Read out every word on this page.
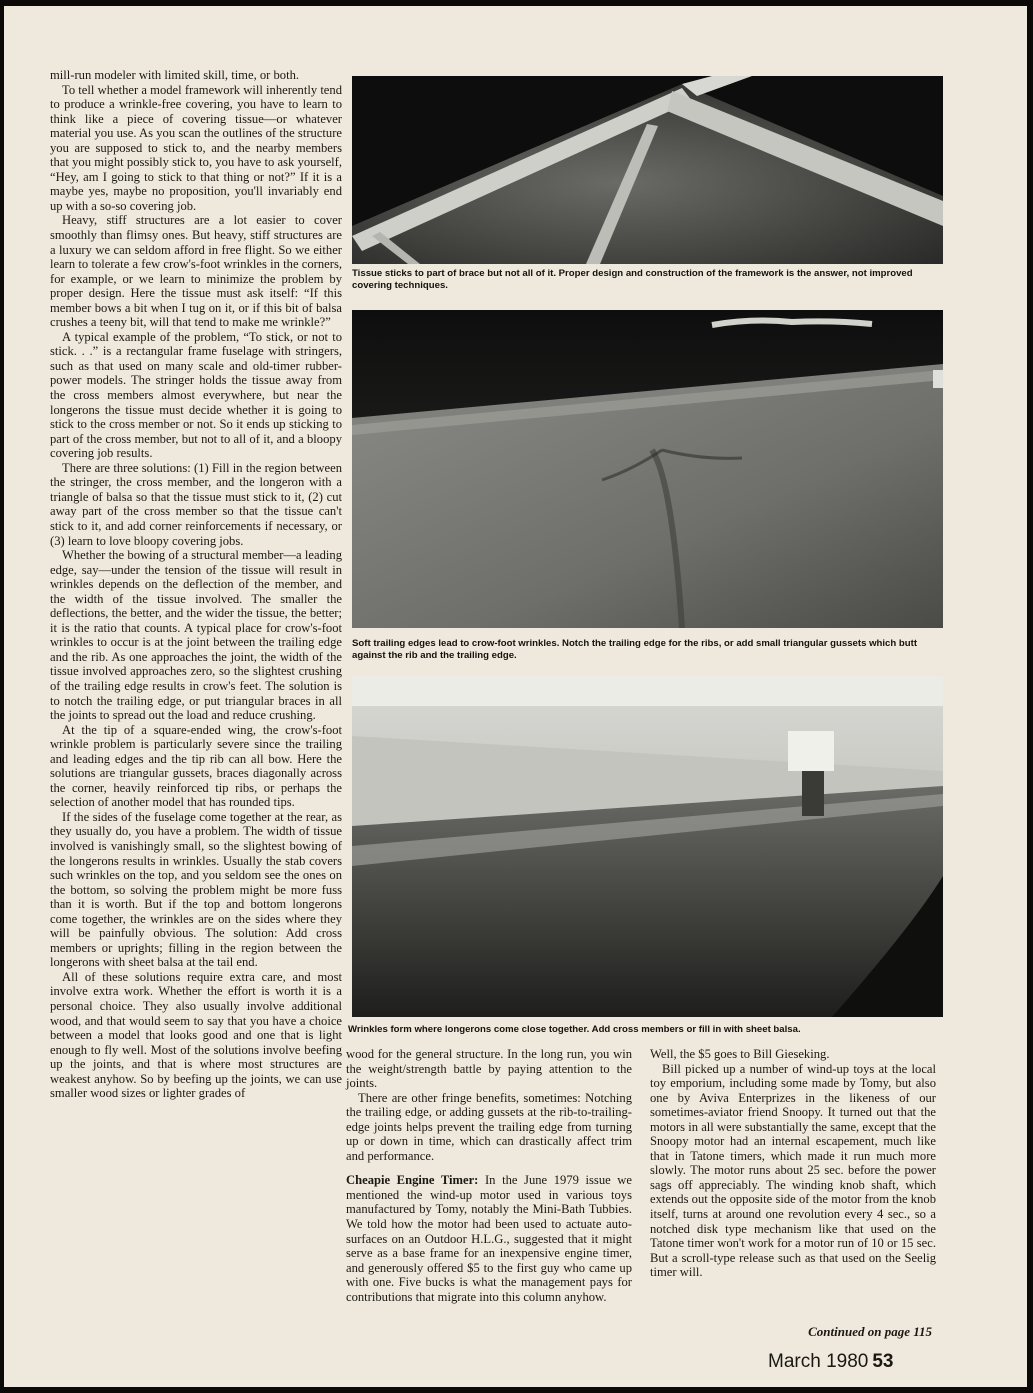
mill-run modeler with limited skill, time, or both.

To tell whether a model framework will inherently tend to produce a wrinkle-free covering, you have to learn to think like a piece of covering tissue—or whatever material you use. As you scan the outlines of the structure you are supposed to stick to, and the nearby members that you might possibly stick to, you have to ask yourself, “Hey, am I going to stick to that thing or not?” If it is a maybe yes, maybe no proposition, you'll invariably end up with a so-so covering job.

Heavy, stiff structures are a lot easier to cover smoothly than flimsy ones. But heavy, stiff structures are a luxury we can seldom afford in free flight. So we either learn to tolerate a few crow's-foot wrinkles in the corners, for example, or we learn to minimize the problem by proper design. Here the tissue must ask itself: “If this member bows a bit when I tug on it, or if this bit of balsa crushes a teeny bit, will that tend to make me wrinkle?”

A typical example of the problem, “To stick, or not to stick. . .” is a rectangular frame fuselage with stringers, such as that used on many scale and old-timer rubber-power models. The stringer holds the tissue away from the cross members almost everywhere, but near the longerons the tissue must decide whether it is going to stick to the cross member or not. So it ends up sticking to part of the cross member, but not to all of it, and a bloopy covering job results.

There are three solutions: (1) Fill in the region between the stringer, the cross member, and the longeron with a triangle of balsa so that the tissue must stick to it, (2) cut away part of the cross member so that the tissue can't stick to it, and add corner reinforcements if necessary, or (3) learn to love bloopy covering jobs.

Whether the bowing of a structural member—a leading edge, say—under the tension of the tissue will result in wrinkles depends on the deflection of the member, and the width of the tissue involved. The smaller the deflections, the better, and the wider the tissue, the better; it is the ratio that counts. A typical place for crow's-foot wrinkles to occur is at the joint between the trailing edge and the rib. As one approaches the joint, the width of the tissue involved approaches zero, so the slightest crushing of the trailing edge results in crow's feet. The solution is to notch the trailing edge, or put triangular braces in all the joints to spread out the load and reduce crushing.

At the tip of a square-ended wing, the crow's-foot wrinkle problem is particularly severe since the trailing and leading edges and the tip rib can all bow. Here the solutions are triangular gussets, braces diagonally across the corner, heavily reinforced tip ribs, or perhaps the selection of another model that has rounded tips.

If the sides of the fuselage come together at the rear, as they usually do, you have a problem. The width of tissue involved is vanishingly small, so the slightest bowing of the longerons results in wrinkles. Usually the stab covers such wrinkles on the top, and you seldom see the ones on the bottom, so solving the problem might be more fuss than it is worth. But if the top and bottom longerons come together, the wrinkles are on the sides where they will be painfully obvious. The solution: Add cross members or uprights; filling in the region between the longerons with sheet balsa at the tail end.

All of these solutions require extra care, and most involve extra work. Whether the effort is worth it is a personal choice. They also usually involve additional wood, and that would seem to say that you have a choice between a model that looks good and one that is light enough to fly well. Most of the solutions involve beefing up the joints, and that is where most structures are weakest anyhow. So by beefing up the joints, we can use smaller wood sizes or lighter grades of

Tissue sticks to part of brace but not all of it. Proper design and construction of the framework is the answer, not improved covering techniques.
Soft trailing edges lead to crow-foot wrinkles. Notch the trailing edge for the ribs, or add small triangular gussets which butt against the rib and the trailing edge.
Wrinkles form where longerons come close together. Add cross members or fill in with sheet balsa.

wood for the general structure. In the long run, you win the weight/strength battle by paying attention to the joints.

There are other fringe benefits, sometimes: Notching the trailing edge, or adding gussets at the rib-to-trailing-edge joints helps prevent the trailing edge from turning up or down in time, which can drastically affect trim and performance.

Cheapie Engine Timer: In the June 1979 issue we mentioned the wind-up motor used in various toys manufactured by Tomy, notably the Mini-Bath Tubbies. We told how the motor had been used to actuate auto-surfaces on an Outdoor H.L.G., suggested that it might serve as a base frame for an inexpensive engine timer, and generously offered $5 to the first guy who came up with one. Five bucks is what the management pays for contributions that migrate into this column anyhow.

Well, the $5 goes to Bill Gieseking.

Bill picked up a number of wind-up toys at the local toy emporium, including some made by Tomy, but also one by Aviva Enterprizes in the likeness of our sometimes-aviator friend Snoopy. It turned out that the motors in all were substantially the same, except that the Snoopy motor had an internal escapement, much like that in Tatone timers, which made it run much more slowly. The motor runs about 25 sec. before the power sags off appreciably. The winding knob shaft, which extends out the opposite side of the motor from the knob itself, turns at around one revolution every 4 sec., so a notched disk type mechanism like that used on the Tatone timer won't work for a motor run of 10 or 15 sec. But a scroll-type release such as that used on the Seelig timer will.

Continued on page 115
March 1980 53
